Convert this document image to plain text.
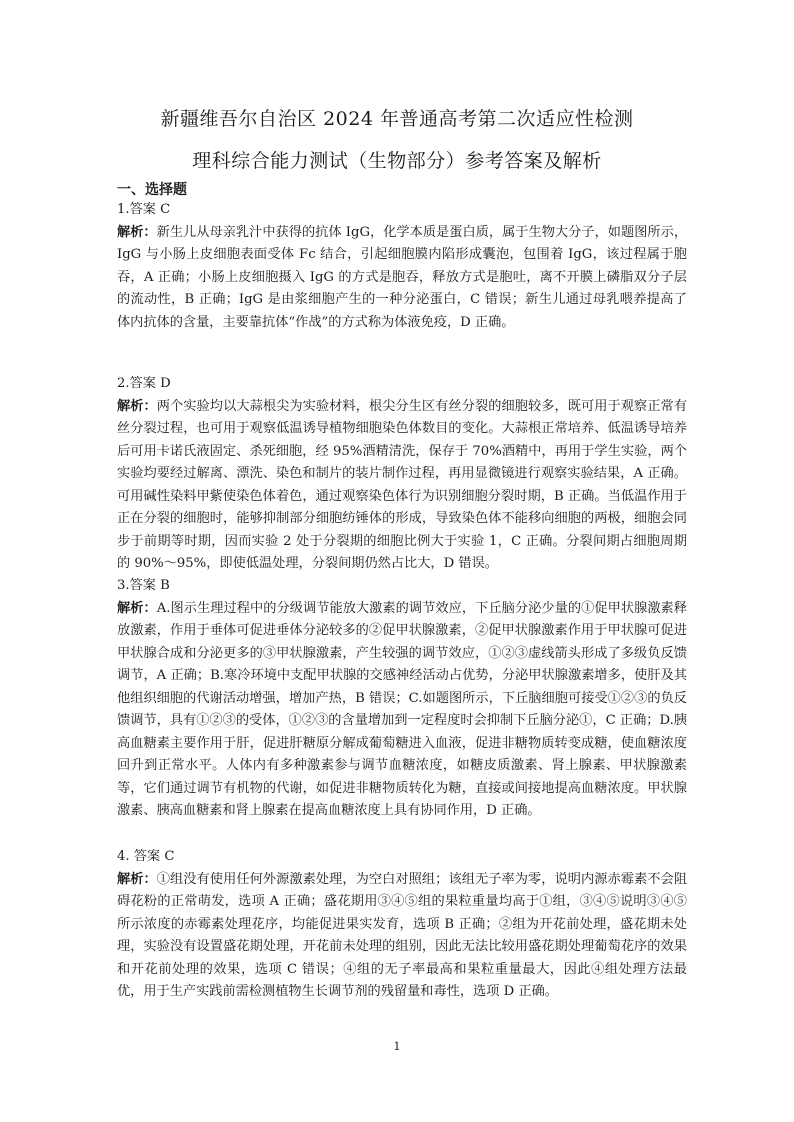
新疆维吾尔自治区 2024 年普通高考第二次适应性检测
理科综合能力测试（生物部分）参考答案及解析
一、选择题
1.答案 C
解析：新生儿从母亲乳汁中获得的抗体 IgG，化学本质是蛋白质，属于生物大分子，如题图所示，IgG 与小肠上皮细胞表面受体 Fc 结合，引起细胞膜内陷形成囊泡，包围着 IgG，该过程属于胞吞，A 正确；小肠上皮细胞摄入 IgG 的方式是胞吞，释放方式是胞吐，离不开膜上磷脂双分子层的流动性，B 正确；IgG 是由浆细胞产生的一种分泌蛋白，C 错误；新生儿通过母乳喂养提高了体内抗体的含量，主要靠抗体“作战”的方式称为体液免疫，D 正确。
2.答案 D
解析：两个实验均以大蒜根尖为实验材料，根尖分生区有丝分裂的细胞较多，既可用于观察正常有丝分裂过程，也可用于观察低温诱导植物细胞染色体数目的变化。大蒜根正常培养、低温诱导培养后可用卡诺氏液固定、杀死细胞，经 95%酒精清洗，保存于 70%酒精中，再用于学生实验，两个实验均要经过解离、漂洗、染色和制片的装片制作过程，再用显微镜进行观察实验结果，A 正确。可用碱性染料甲紫使染色体着色，通过观察染色体行为识别细胞分裂时期，B 正确。当低温作用于正在分裂的细胞时，能够抑制部分细胞纺锤体的形成，导致染色体不能移向细胞的两极，细胞会同步于前期等时期，因而实验 2 处于分裂期的细胞比例大于实验 1，C 正确。分裂间期占细胞周期的 90%～95%，即使低温处理，分裂间期仍然占比大，D 错误。
3.答案 B
解析：A.图示生理过程中的分级调节能放大激素的调节效应，下丘脑分泌少量的①促甲状腺激素释放激素，作用于垂体可促进垂体分泌较多的②促甲状腺激素，②促甲状腺激素作用于甲状腺可促进甲状腺合成和分泌更多的③甲状腺激素，产生较强的调节效应，①②③虚线箭头形成了多级负反馈调节，A 正确；B.寒冷环境中支配甲状腺的交感神经活动占优势，分泌甲状腺激素增多，使肝及其他组织细胞的代谢活动增强，增加产热，B 错误；C.如题图所示，下丘脑细胞可接受①②③的负反馈调节，具有①②③的受体，①②③的含量增加到一定程度时会抑制下丘脑分泌①，C 正确；D.胰高血糖素主要作用于肝，促进肝糖原分解成葡萄糖进入血液，促进非糖物质转变成糖，使血糖浓度回升到正常水平。人体内有多种激素参与调节血糖浓度，如糖皮质激素、肾上腺素、甲状腺激素等，它们通过调节有机物的代谢，如促进非糖物质转化为糖，直接或间接地提高血糖浓度。甲状腺激素、胰高血糖素和肾上腺素在提高血糖浓度上具有协同作用，D 正确。
4. 答案 C
解析：①组没有使用任何外源激素处理，为空白对照组；该组无子率为零，说明内源赤霉素不会阻碍花粉的正常萌发，选项 A 正确；盛花期用③④⑤组的果粒重量均高于①组，③④⑤说明③④⑤所示浓度的赤霉素处理花序，均能促进果实发育，选项 B 正确；②组为开花前处理，盛花期未处理，实验没有设置盛花期处理，开花前未处理的组别，因此无法比较用盛花期处理葡萄花序的效果和开花前处理的效果，选项 C 错误；④组的无子率最高和果粒重量最大，因此④组处理方法最优，用于生产实践前需检测植物生长调节剂的残留量和毒性，选项 D 正确。
1
